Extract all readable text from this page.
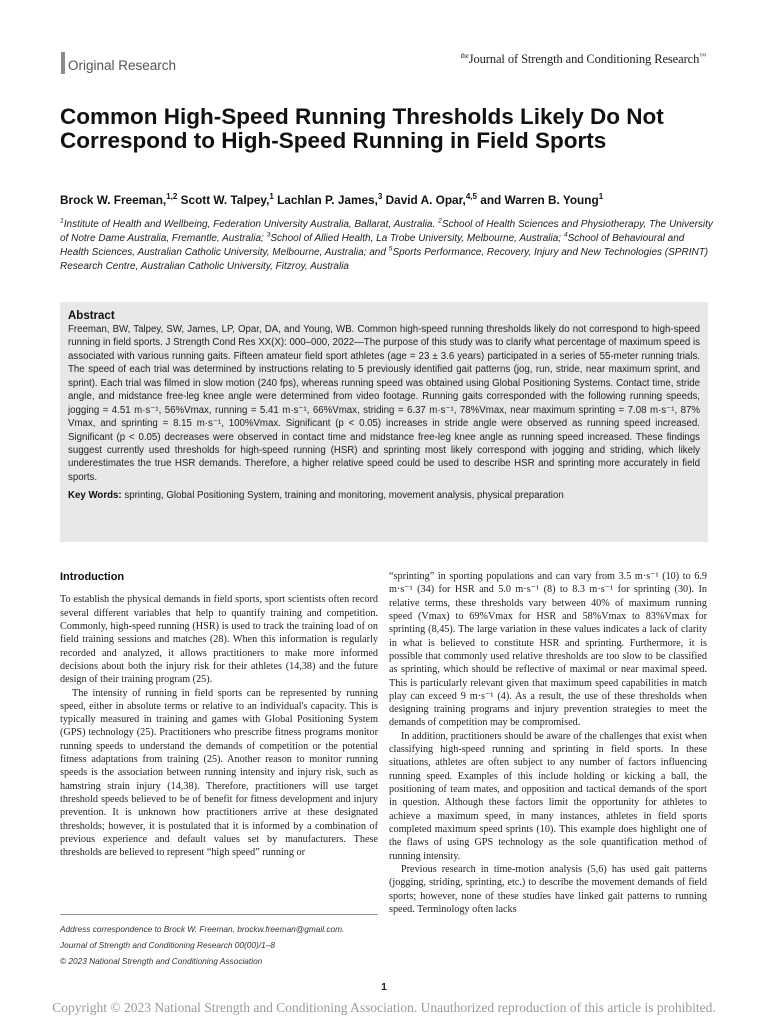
Original Research
$^{the}$Journal of Strength and Conditioning Research™
Common High-Speed Running Thresholds Likely Do Not Correspond to High-Speed Running in Field Sports
Brock W. Freeman,$^{1,2}$ Scott W. Talpey,$^1$ Lachlan P. James,$^3$ David A. Opar,$^{4,5}$ and Warren B. Young$^1$
$^1$Institute of Health and Wellbeing, Federation University Australia, Ballarat, Australia. $^2$School of Health Sciences and Physiotherapy, The University of Notre Dame Australia, Fremantle, Australia; $^3$School of Allied Health, La Trobe University, Melbourne, Australia; $^4$School of Behavioural and Health Sciences, Australian Catholic University, Melbourne, Australia; and $^5$Sports Performance, Recovery, Injury and New Technologies (SPRINT) Research Centre, Australian Catholic University, Fitzroy, Australia
Abstract

Freeman, BW, Talpey, SW, James, LP, Opar, DA, and Young, WB. Common high-speed running thresholds likely do not correspond to high-speed running in field sports. J Strength Cond Res XX(X): 000–000, 2022—The purpose of this study was to clarify what percentage of maximum speed is associated with various running gaits. Fifteen amateur field sport athletes (age = 23 ± 3.6 years) participated in a series of 55-meter running trials. The speed of each trial was determined by instructions relating to 5 previously identified gait patterns (jog, run, stride, near maximum sprint, and sprint). Each trial was filmed in slow motion (240 fps), whereas running speed was obtained using Global Positioning Systems. Contact time, stride angle, and midstance free-leg knee angle were determined from video footage. Running gaits corresponded with the following running speeds, jogging = 4.51 m·s⁻¹, 56%Vmax, running = 5.41 m·s⁻¹, 66%Vmax, striding = 6.37 m·s⁻¹, 78%Vmax, near maximum sprinting = 7.08 m·s⁻¹, 87% Vmax, and sprinting = 8.15 m·s⁻¹, 100%Vmax. Significant (p < 0.05) increases in stride angle were observed as running speed increased. Significant (p < 0.05) decreases were observed in contact time and midstance free-leg knee angle as running speed increased. These findings suggest currently used thresholds for high-speed running (HSR) and sprinting most likely correspond with jogging and striding, which likely underestimates the true HSR demands. Therefore, a higher relative speed could be used to describe HSR and sprinting more accurately in field sports.

Key Words: sprinting, Global Positioning System, training and monitoring, movement analysis, physical preparation
Introduction

To establish the physical demands in field sports, sport scientists often record several different variables that help to quantify training and competition. Commonly, high-speed running (HSR) is used to track the training load of on field training sessions and matches (28). When this information is regularly recorded and analyzed, it allows practitioners to make more informed decisions about both the injury risk for their athletes (14,38) and the future design of their training program (25).

The intensity of running in field sports can be represented by running speed, either in absolute terms or relative to an individual's capacity. This is typically measured in training and games with Global Positioning System (GPS) technology (25). Practitioners who prescribe fitness programs monitor running speeds to understand the demands of competition or the potential fitness adaptations from training (25). Another reason to monitor running speeds is the association between running intensity and injury risk, such as hamstring strain injury (14,38). Therefore, practitioners will use target threshold speeds believed to be of benefit for fitness development and injury prevention. It is unknown how practitioners arrive at these designated thresholds; however, it is postulated that it is informed by a combination of previous experience and default values set by manufacturers. These thresholds are believed to represent “high speed” running or

“sprinting” in sporting populations and can vary from 3.5 m·s⁻¹ (10) to 6.9 m·s⁻¹ (34) for HSR and 5.0 m·s⁻¹ (8) to 8.3 m·s⁻¹ for sprinting (30). In relative terms, these thresholds vary between 40% of maximum running speed (Vmax) to 69%Vmax for HSR and 58%Vmax to 83%Vmax for sprinting (8,45). The large variation in these values indicates a lack of clarity in what is believed to constitute HSR and sprinting. Furthermore, it is possible that commonly used relative thresholds are too slow to be classified as sprinting, which should be reflective of maximal or near maximal speed. This is particularly relevant given that maximum speed capabilities in match play can exceed 9 m·s⁻¹ (4). As a result, the use of these thresholds when designing training programs and injury prevention strategies to meet the demands of competition may be compromised.

In addition, practitioners should be aware of the challenges that exist when classifying high-speed running and sprinting in field sports. In these situations, athletes are often subject to any number of factors influencing running speed. Examples of this include holding or kicking a ball, the positioning of team mates, and opposition and tactical demands of the sport in question. Although these factors limit the opportunity for athletes to achieve a maximum speed, in many instances, athletes in field sports completed maximum speed sprints (10). This example does highlight one of the flaws of using GPS technology as the sole quantification method of running intensity.

Previous research in time-motion analysis (5,6) has used gait patterns (jogging, striding, sprinting, etc.) to describe the movement demands of field sports; however, none of these studies have linked gait patterns to running speed. Terminology often lacks

Address correspondence to Brock W. Freeman, brockw.freeman@gmail.com.
Journal of Strength and Conditioning Research 00(00)/1–8
© 2023 National Strength and Conditioning Association
1
Copyright © 2023 National Strength and Conditioning Association. Unauthorized reproduction of this article is prohibited.
